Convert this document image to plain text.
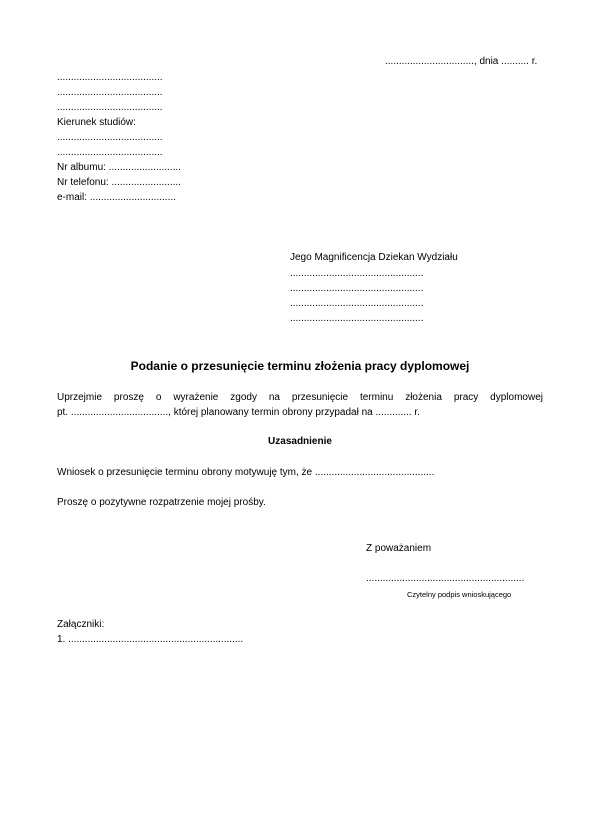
................................, dnia .......... r.
......................................
......................................
......................................
Kierunek studiów:
......................................
......................................
Nr albumu: ..........................
Nr telefonu: .........................
e-mail: ...............................
Jego Magnificencja Dziekan Wydziału
................................................
................................................
................................................
................................................
Podanie o przesunięcie terminu złożenia pracy dyplomowej
Uprzejmie proszę o wyrażenie zgody na przesunięcie terminu złożenia pracy dyplomowej
pt. ..................................., której planowany termin obrony przypadał na ............. r.
Uzasadnienie
Wniosek o przesunięcie terminu obrony motywuję tym, że ...........................................
Proszę o pozytywne rozpatrzenie mojej prośby.
Z poważaniem
.........................................................
Czytelny podpis wnioskującego
Załączniki:
1. ...............................................................
